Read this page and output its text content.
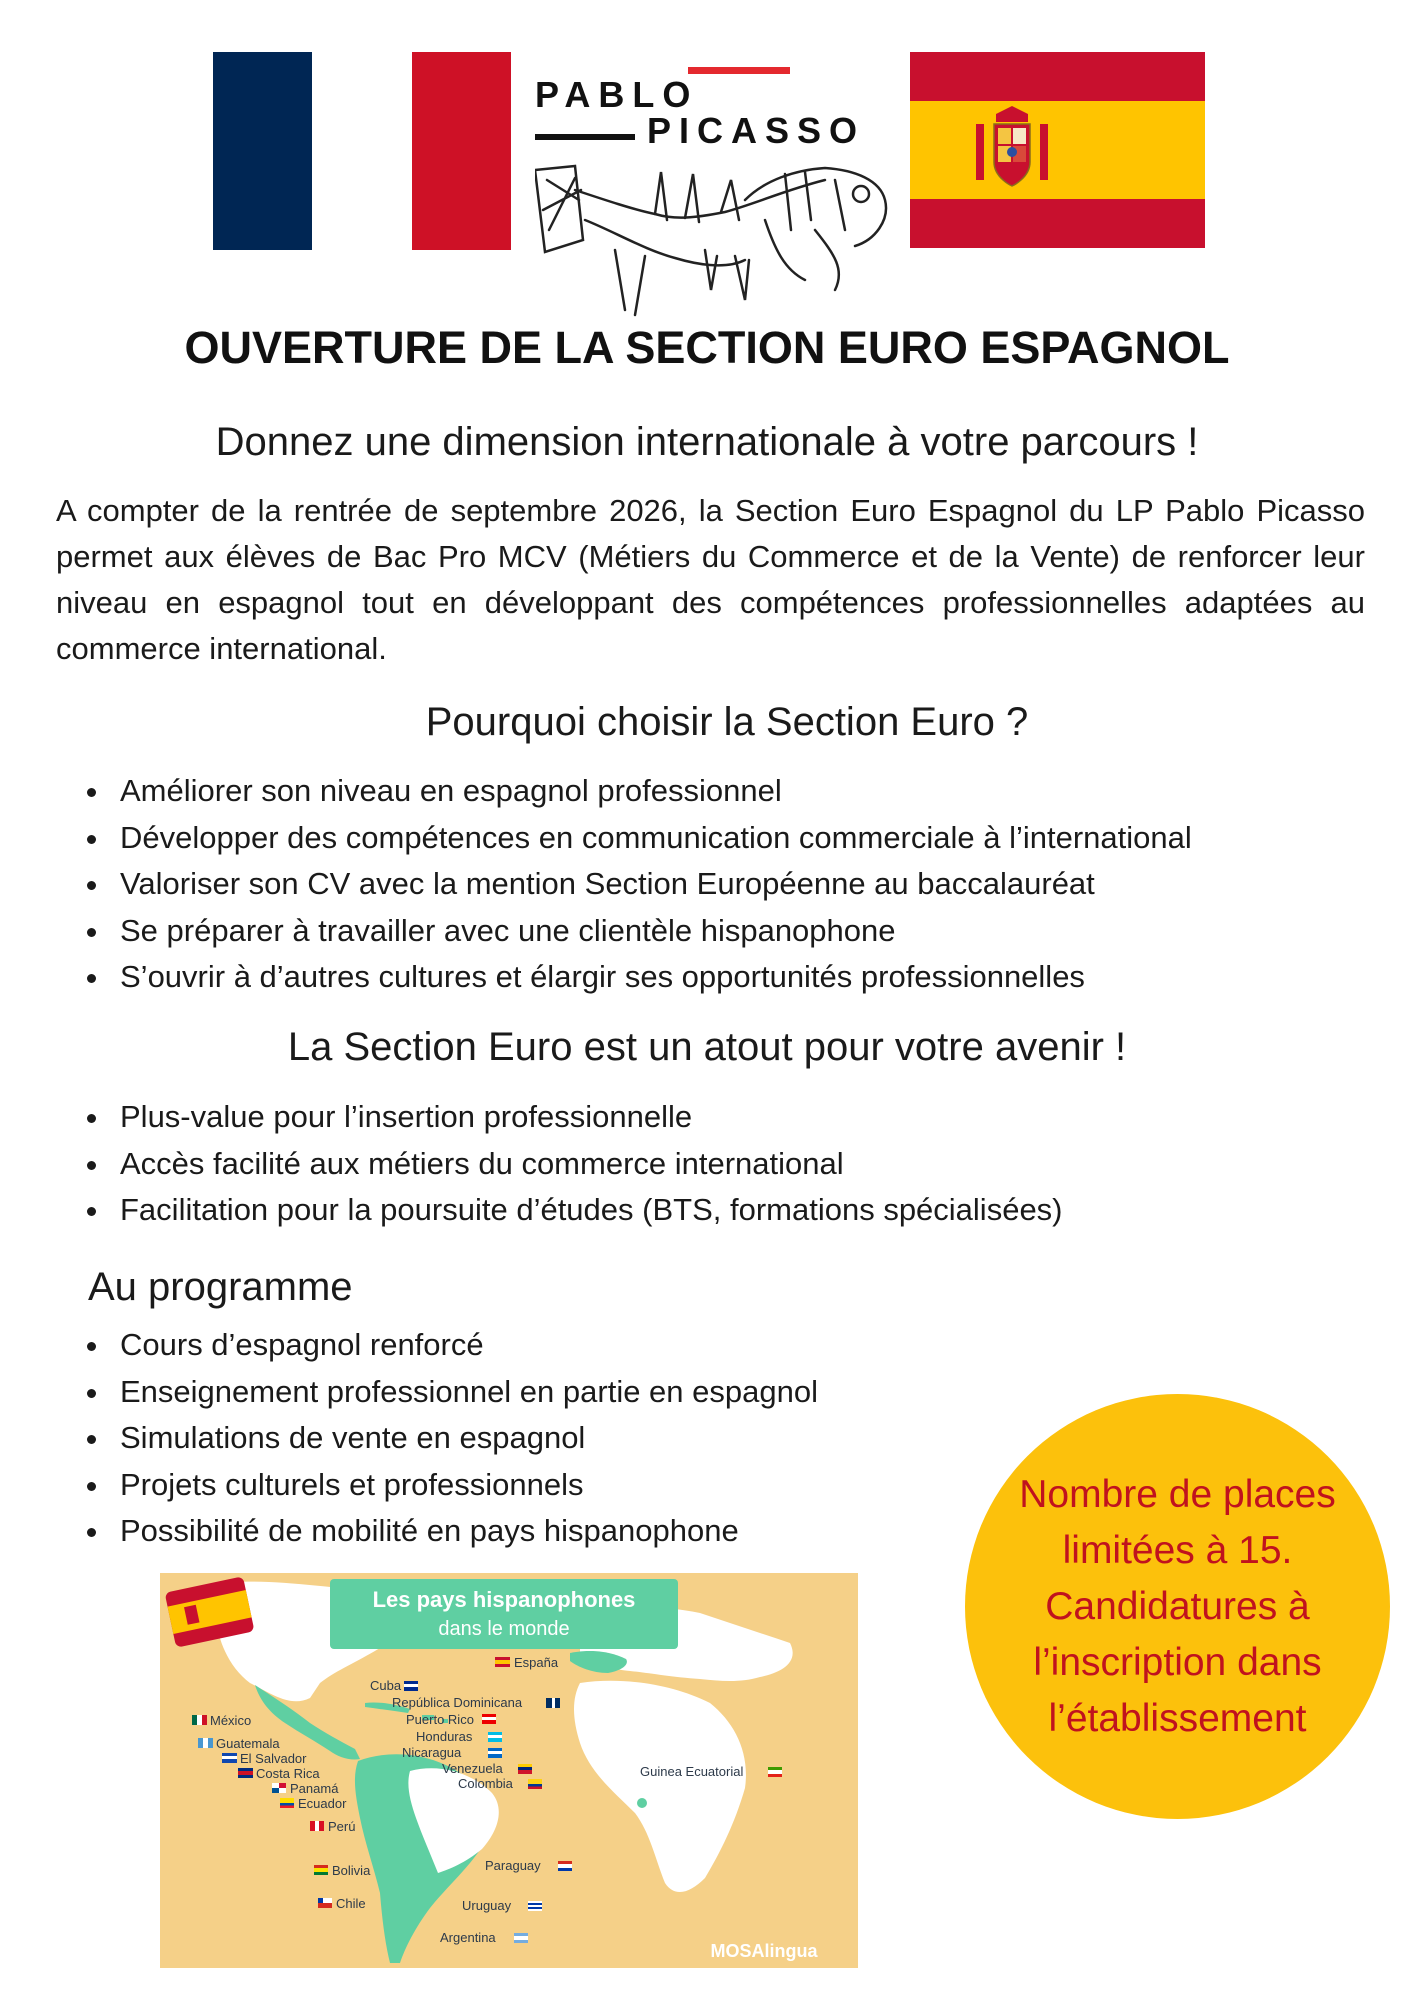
PABLO
PICASSO
OUVERTURE DE LA SECTION EURO ESPAGNOL
Donnez une dimension internationale à votre parcours !
A compter de la rentrée de septembre 2026, la Section Euro Espagnol du LP Pablo Picasso permet aux élèves de Bac Pro MCV (Métiers du Commerce et de la Vente) de renforcer leur niveau en espagnol tout en développant des compétences professionnelles adaptées au commerce international.
Pourquoi choisir la Section Euro ?
• Améliorer son niveau en espagnol professionnel
• Développer des compétences en communication commerciale à l’international
• Valoriser son CV avec la mention Section Européenne au baccalauréat
• Se préparer à travailler avec une clientèle hispanophone
• S’ouvrir à d’autres cultures et élargir ses opportunités professionnelles
La Section Euro est un atout pour votre avenir !
• Plus-value pour l’insertion professionnelle
• Accès facilité aux métiers du commerce international
• Facilitation pour la poursuite d’études (BTS, formations spécialisées)
Au programme
• Cours d’espagnol renforcé
• Enseignement professionnel en partie en espagnol
• Simulations de vente en espagnol
• Projets culturels et professionnels
• Possibilité de mobilité en pays hispanophone
Nombre de places limitées à 15. Candidatures à l’inscription dans l’établissement
Les pays hispanophones
dans le monde
España
Cuba
República Dominicana
Puerto Rico
México
Honduras
Guatemala
Nicaragua
El Salvador
Venezuela
Costa Rica
Colombia
Panamá
Ecuador
Perú
Guinea Ecuatorial
Paraguay
Bolivia
Uruguay
Chile
Argentina
MOSAlingua
